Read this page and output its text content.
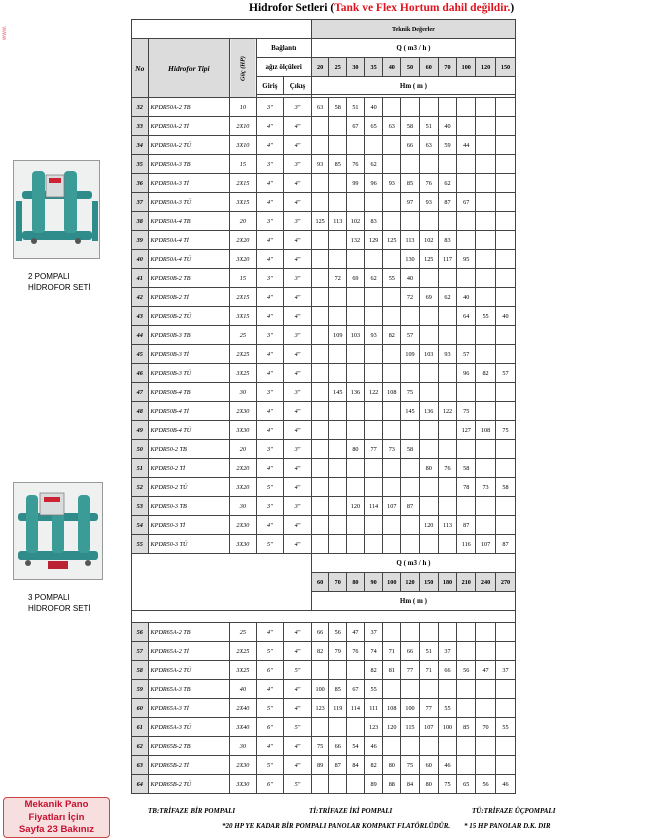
www.
Hidrofor Setleri (Tank ve Flex Hortum dahil değildir.)
					Teknik Değerler										
No	Hidrofor Tipi	Güç (HP)	Bağlantı		Q ( m3 / h )										
			ağız ölçüleri		20	25	30	35	40	50	60	70	100	120	150
			Giriş	Çıkış	Hm ( m )										

32	KPDR50A-2 TB	10	3"	3"	63	58	51	40							
33	KPDR50A-2 Tİ	2X10	4"	4"			67	65	63	58	51	40			
34	KPDR50A-2 TÜ	3X10	4"	4"						66	63	59	44		
35	KPDR50A-3 TB	15	3"	3"	93	85	76	62							
36	KPDR50A-3 Tİ	2X15	4"	4"			99	96	93	85	76	62			
37	KPDR50A-3 TÜ	3X15	4"	4"						97	93	87	67		
38	KPDR50A-4 TB	20	3"	3"	125	113	102	83							
39	KPDR50A-4 Tİ	2X20	4"	4"			132	129	125	113	102	83			
40	KPDR50A-4 TÜ	3X20	4"	4"						130	125	117	95		
41	KPDR50B-2 TB	15	3"	3"		72	69	62	55	40					
42	KPDR50B-2 Tİ	2X15	4"	4"						72	69	62	40		
43	KPDR50B-2 TÜ	3X15	4"	4"									64	55	40
44	KPDR50B-3 TB	25	3"	3"		109	103	93	82	57					
45	KPDR50B-3 Tİ	2X25	4"	4"						109	103	93	57		
46	KPDR50B-3 TÜ	3X25	4"	4"									96	82	57
47	KPDR50B-4 TB	30	3"	3"		145	136	122	108	75					
48	KPDR50B-4 Tİ	2X30	4"	4"						145	136	122	75		
49	KPDR50B-4 TÜ	3X30	4"	4"									127	108	75
50	KPDR50-2 TB	20	3"	3"			80	77	73	58					
51	KPDR50-2 Tİ	2X20	4"	4"							80	76	58		
52	KPDR50-2 TÜ	3X20	5"	4"									78	73	58
53	KPDR50-3 TB	30	3"	3"			120	114	107	87					
54	KPDR50-3 Tİ	2X30	4"	4"							120	113	87		
55	KPDR50-3 TÜ	3X30	5"	4"									116	107	87
					Q ( m3 / h )										
					60	70	80	90	100	120	150	180	210	240	270
					Hm ( m )										

56	KPDR65A-2 TB	25	4"	4"	66	56	47	37							
57	KPDR65A-2 Tİ	2X25	5"	4"	82	79	76	74	71	66	51	37			
58	KPDR65A-2 TÜ	3X25	6"	5"				82	81	77	71	66	56	47	37
59	KPDR65A-3 TB	40	4"	4"	100	85	67	55							
60	KPDR65A-3 Tİ	2X40	5"	4"	123	119	114	111	108	100	77	55			
61	KPDR65A-3 TÜ	3X40	6"	5"				123	120	115	107	100	85	70	55
62	KPDR65B-2 TB	30	4"	4"	75	66	54	46							
63	KPDR65B-2 Tİ	2X30	5"	4"	89	87	84	82	80	75	60	46			
64	KPDR65B-2 TÜ	3X30	6"	5"				89	88	84	80	75	65	56	46
2 POMPALI
HİDROFOR SETİ
3 POMPALI
HİDROFOR SETİ
TB:TRİFAZE BİR POMPALI	Tİ:TRİFAZE İKİ POMPALI	TÜ:TRİFAZE ÜÇPOMPALI
*20 HP YE KADAR BİR POMPALI PANOLAR KOMPAKT FLATÖRLÜDÜR. * 15 HP PANOLAR D.K. DIR
Mekanik Pano
Fiyatları İçin
Sayfa 23 Bakınız
